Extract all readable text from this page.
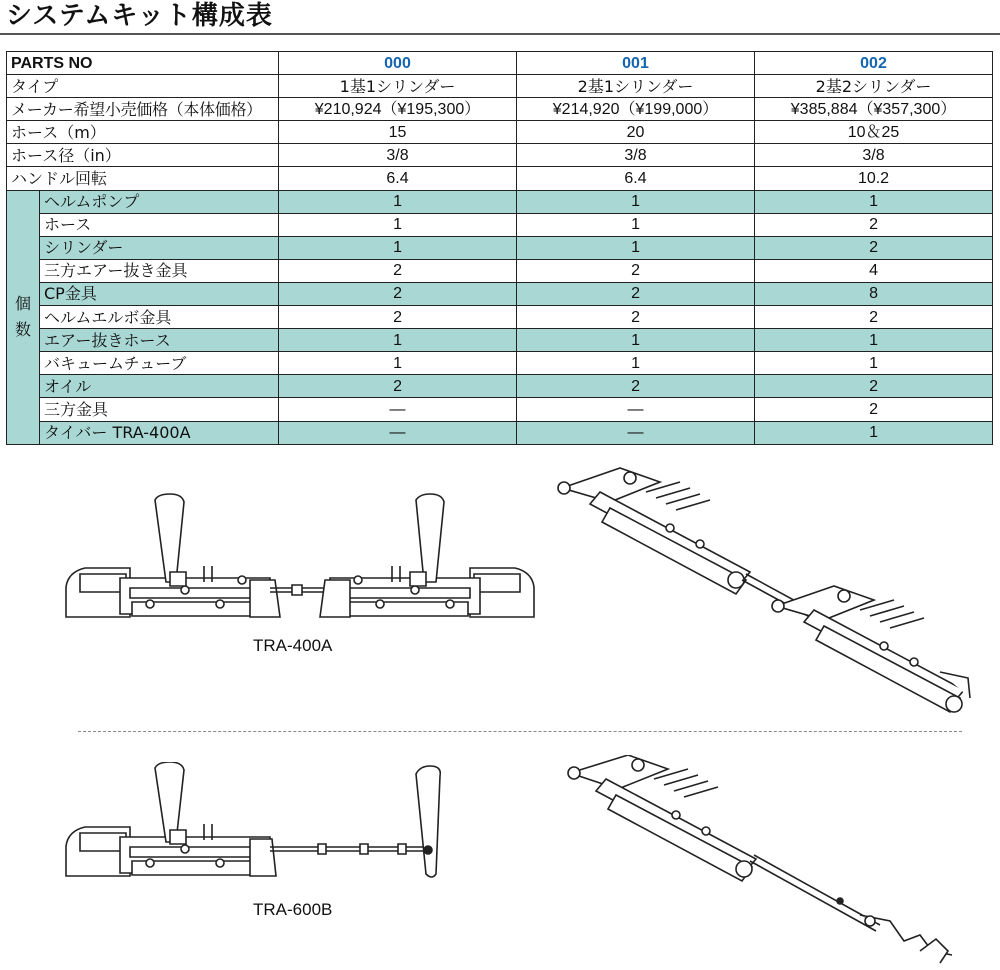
システムキット構成表
PARTS NO		000	001	002
タイプ		1基1シリンダー	2基1シリンダー	2基2シリンダー
メーカー希望小売価格（本体価格）		¥210,924（¥195,300）	¥214,920（¥199,000）	¥385,884（¥357,300）
ホース（m）		15	20	10＆25
ホース径（in）		3/8	3/8	3/8
ハンドル回転		6.4	6.4	10.2

個
数	ヘルムポンプ	1	1	1
	ホース	1	1	2
	シリンダー	1	1	2
	三方エアー抜き金具	2	2	4
	CP金具	2	2	8
	ヘルムエルボ金具	2	2	2
	エアー抜きホース	1	1	1
	バキュームチューブ	1	1	1
	オイル	2	2	2
	三方金具	—	—	2
	タイバー TRA-400A	—	—	1
TRA-400A
TRA-600B
